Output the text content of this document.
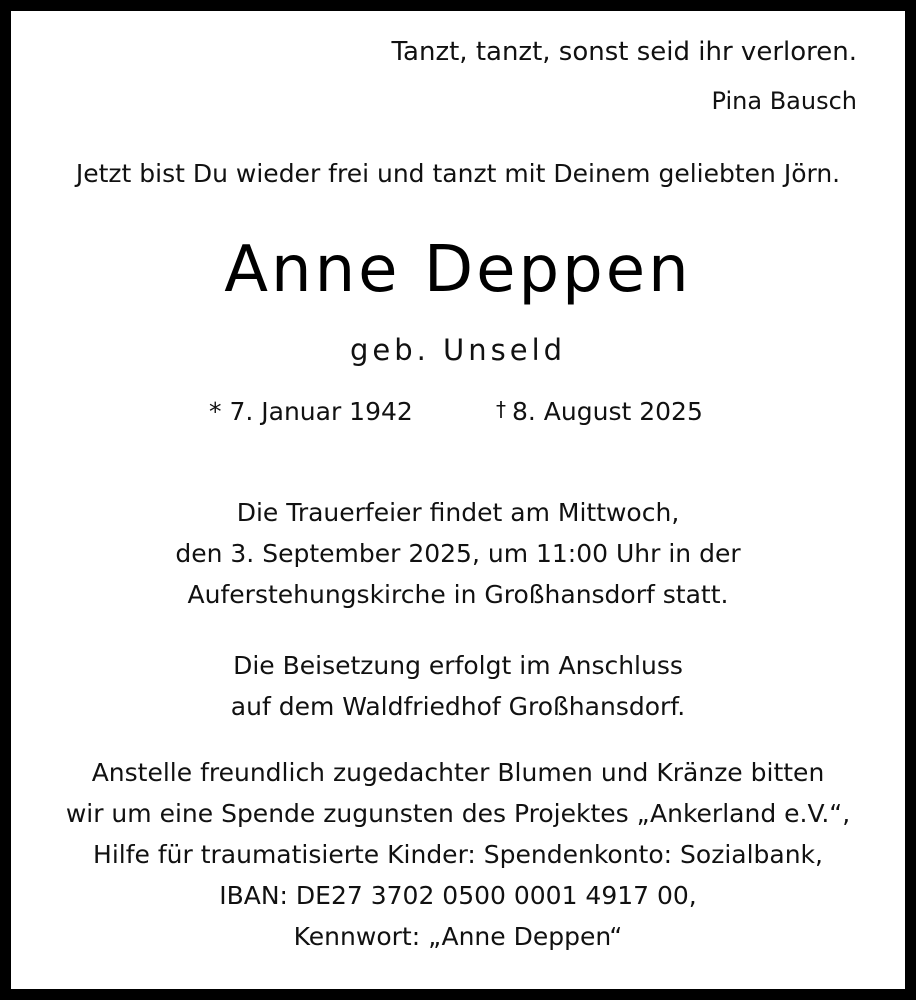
Tanzt, tanzt, sonst seid ihr verloren.
Pina Bausch
Jetzt bist Du wieder frei und tanzt mit Deinem geliebten Jörn.
Anne Deppen
geb. Unseld
* 7. Januar 1942	† 8. August 2025
Die Trauerfeier findet am Mittwoch,
den 3. September 2025, um 11:00 Uhr in der
Auferstehungskirche in Großhansdorf statt.
Die Beisetzung erfolgt im Anschluss
auf dem Waldfriedhof Großhansdorf.
Anstelle freundlich zugedachter Blumen und Kränze bitten
wir um eine Spende zugunsten des Projektes „Ankerland e.V.“,
Hilfe für traumatisierte Kinder: Spendenkonto: Sozialbank,
IBAN: DE27 3702 0500 0001 4917 00,
Kennwort: „Anne Deppen“
